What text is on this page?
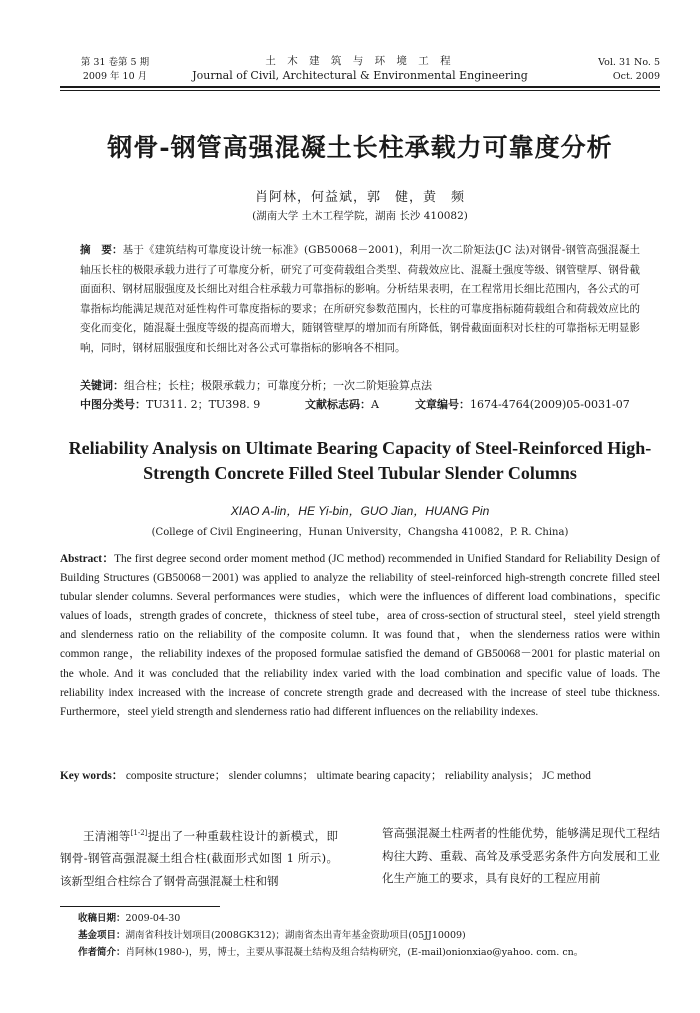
第 31 卷第 5 期
2009 年 10 月
土 木 建 筑 与 环 境 工 程
Journal of Civil, Architectural & Environmental Engineering
Vol. 31 No. 5
Oct. 2009
钢骨-钢管高强混凝土长柱承载力可靠度分析
肖阿林，何益斌，郭　健，黄　频
(湖南大学 土木工程学院，湖南 长沙 410082)
摘　要：基于《建筑结构可靠度设计统一标准》(GB50068－2001)，利用一次二阶矩法(JC 法)对钢骨-钢管高强混凝土轴压长柱的极限承载力进行了可靠度分析，研究了可变荷载组合类型、荷载效应比、混凝土强度等级、钢管壁厚、钢骨截面面积、钢材屈服强度及长细比对组合柱承载力可靠指标的影响。分析结果表明，在工程常用长细比范围内，各公式的可靠指标均能满足规范对延性构件可靠度指标的要求；在所研究参数范围内，长柱的可靠度指标随荷载组合和荷载效应比的变化而变化，随混凝土强度等级的提高而增大，随钢管壁厚的增加而有所降低，钢骨截面面积对长柱的可靠指标无明显影响，同时，钢材屈服强度和长细比对各公式可靠指标的影响各不相同。
关键词：组合柱；长柱；极限承载力；可靠度分析；一次二阶矩验算点法
中图分类号：TU311. 2；TU398. 9	文献标志码：A	文章编号：1674-4764(2009)05-0031-07
Reliability Analysis on Ultimate Bearing Capacity of Steel-Reinforced High-Strength Concrete Filled Steel Tubular Slender Columns
XIAO A-lin，HE Yi-bin，GUO Jian，HUANG Pin
(College of Civil Engineering，Hunan University，Changsha 410082，P. R. China)
Abstract：The first degree second order moment method (JC method) recommended in Unified Standard for Reliability Design of Building Structures (GB50068－2001) was applied to analyze the reliability of steel-reinforced high-strength concrete filled steel tubular slender columns. Several performances were studies，which were the influences of different load combinations，specific values of loads，strength grades of concrete，thickness of steel tube，area of cross-section of structural steel，steel yield strength and slenderness ratio on the reliability of the composite column. It was found that，when the slenderness ratios were within common range，the reliability indexes of the proposed formulae satisfied the demand of GB50068－2001 for plastic material on the whole. And it was concluded that the reliability index varied with the load combination and specific value of loads. The reliability index increased with the increase of concrete strength grade and decreased with the increase of steel tube thickness. Furthermore，steel yield strength and slenderness ratio had different influences on the reliability indexes.
Key words： composite structure； slender columns； ultimate bearing capacity； reliability analysis； JC method
王清湘等[1-2]提出了一种重载柱设计的新模式，即钢骨-钢管高强混凝土组合柱(截面形式如图 1 所示)。该新型组合柱综合了钢骨高强混凝土柱和钢
管高强混凝土柱两者的性能优势，能够满足现代工程结构往大跨、重载、高耸及承受恶劣条件方向发展和工业化生产施工的要求，具有良好的工程应用前
收稿日期：2009-04-30
基金项目：湖南省科技计划项目(2008GK312)；湖南省杰出青年基金资助项目(05JJ10009)
作者简介：肖阿林(1980-)，男，博士，主要从事混凝土结构及组合结构研究，(E-mail)onionxiao@yahoo. com. cn。
